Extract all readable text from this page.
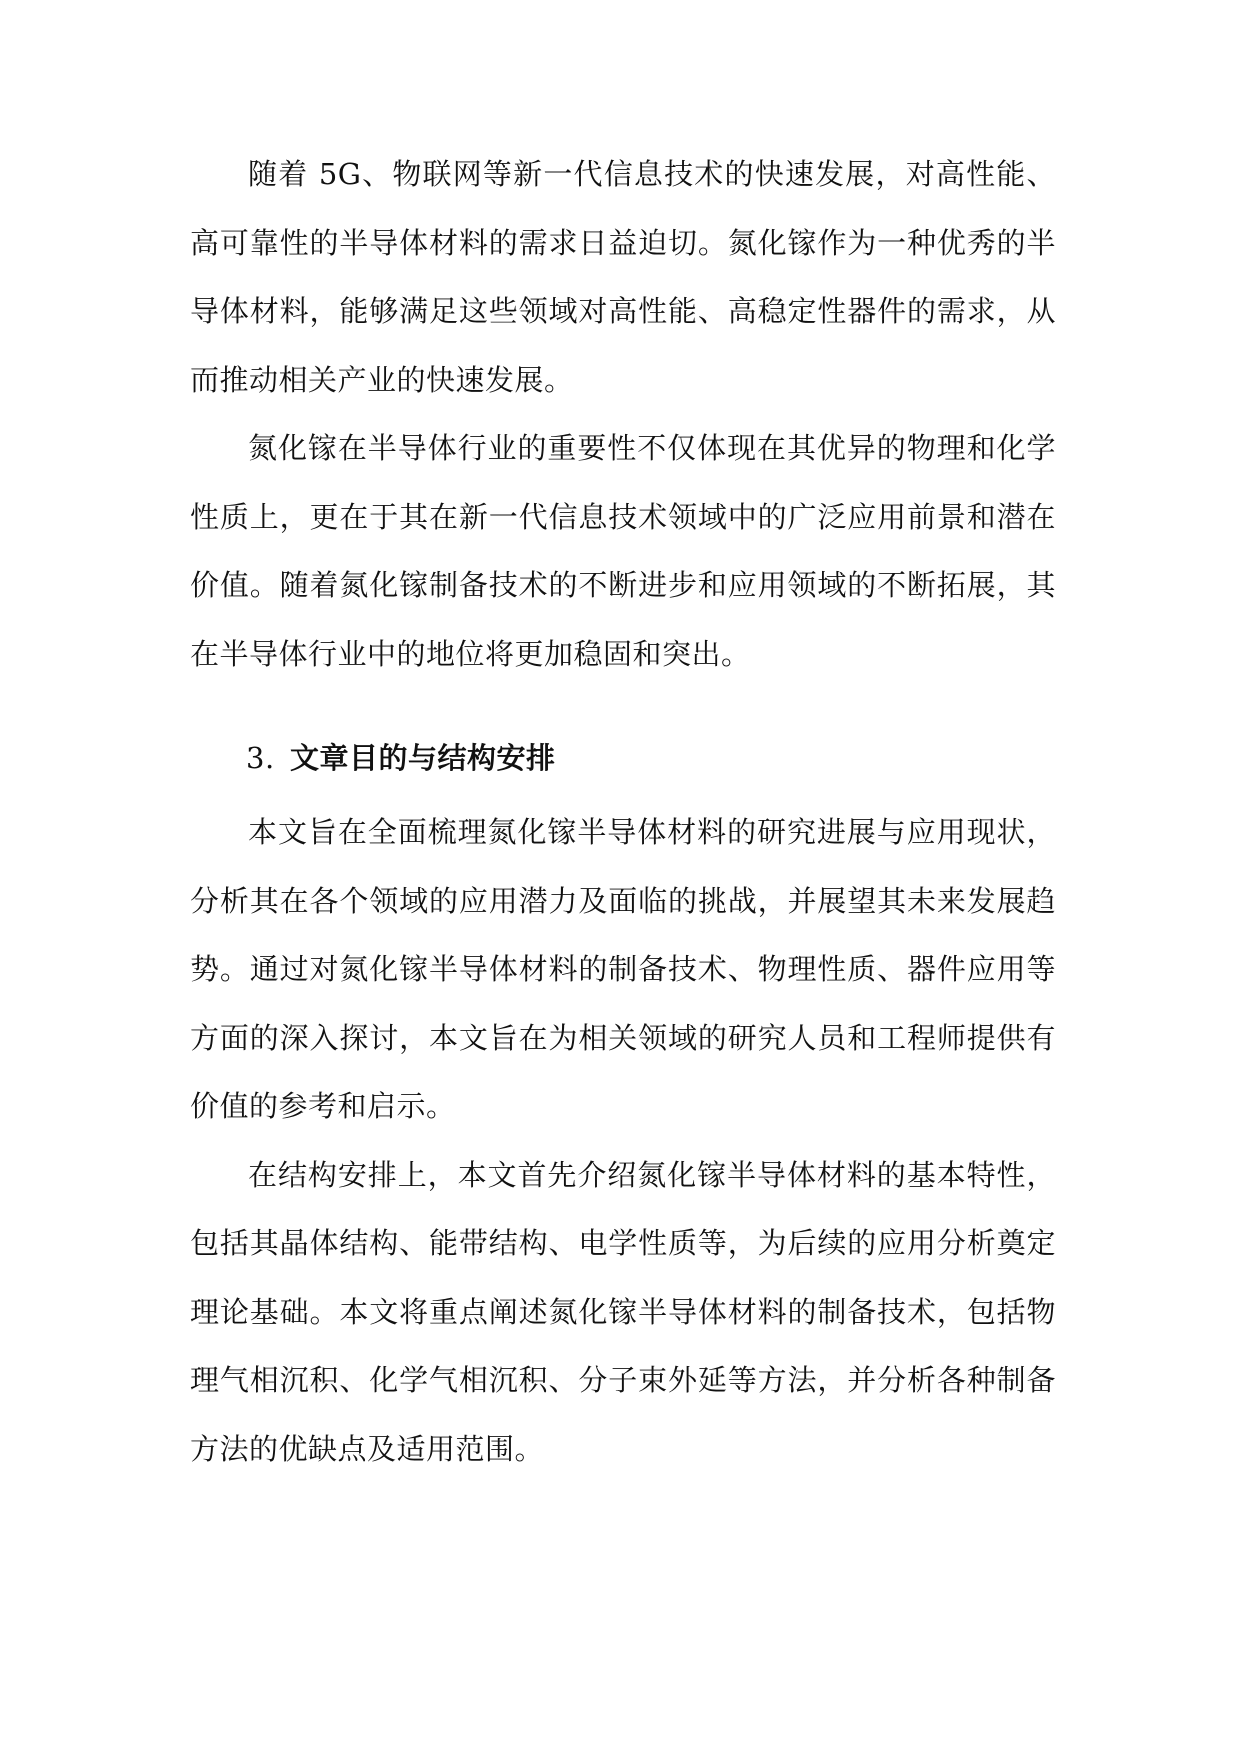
随着 5G、物联网等新一代信息技术的快速发展，对高性能、高可靠性的半导体材料的需求日益迫切。氮化镓作为一种优秀的半导体材料，能够满足这些领域对高性能、高稳定性器件的需求，从而推动相关产业的快速发展。

氮化镓在半导体行业的重要性不仅体现在其优异的物理和化学性质上，更在于其在新一代信息技术领域中的广泛应用前景和潜在价值。随着氮化镓制备技术的不断进步和应用领域的不断拓展，其在半导体行业中的地位将更加稳固和突出。

3. 文章目的与结构安排

本文旨在全面梳理氮化镓半导体材料的研究进展与应用现状，分析其在各个领域的应用潜力及面临的挑战，并展望其未来发展趋势。通过对氮化镓半导体材料的制备技术、物理性质、器件应用等方面的深入探讨，本文旨在为相关领域的研究人员和工程师提供有价值的参考和启示。

在结构安排上，本文首先介绍氮化镓半导体材料的基本特性，包括其晶体结构、能带结构、电学性质等，为后续的应用分析奠定理论基础。本文将重点阐述氮化镓半导体材料的制备技术，包括物理气相沉积、化学气相沉积、分子束外延等方法，并分析各种制备方法的优缺点及适用范围。
